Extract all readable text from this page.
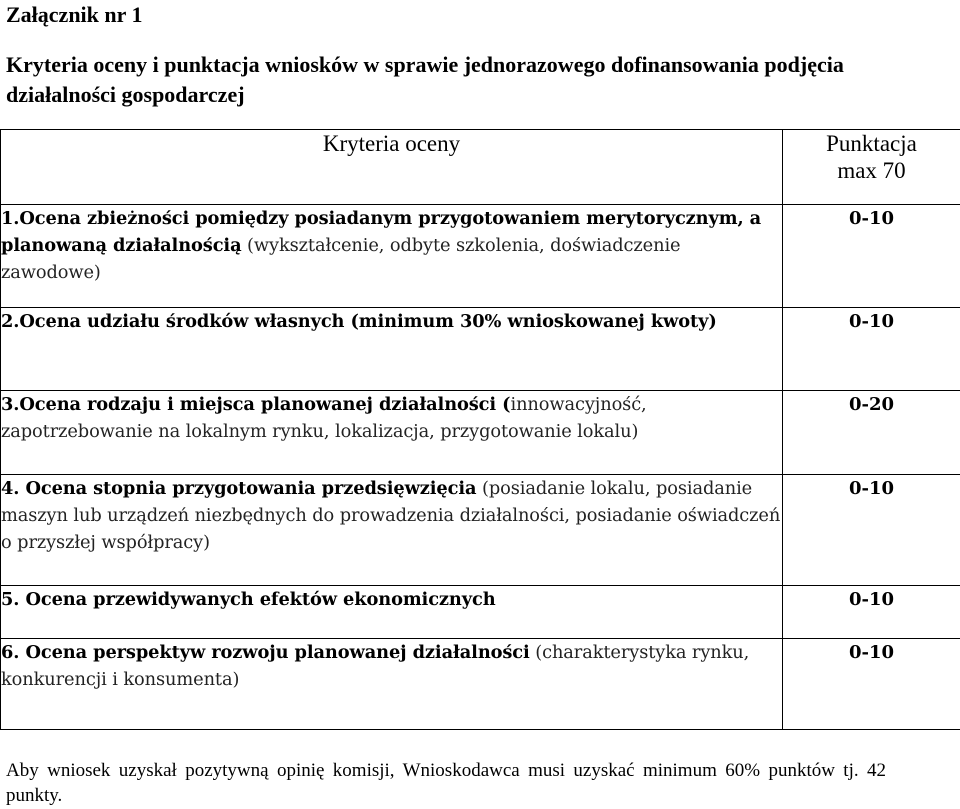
Załącznik nr 1
Kryteria oceny i punktacja wniosków w sprawie jednorazowego dofinansowania podjęcia działalności gospodarczej
Kryteria oceny	Punktacja
max 70

1.Ocena zbieżności pomiędzy posiadanym przygotowaniem merytorycznym, a planowaną działalnością (wykształcenie, odbyte szkolenia, doświadczenie zawodowe)	0-10
2.Ocena udziału środków własnych (minimum 30% wnioskowanej kwoty)	0-10
3.Ocena rodzaju i miejsca planowanej działalności (innowacyjność, zapotrzebowanie na lokalnym rynku, lokalizacja, przygotowanie lokalu)	0-20
4. Ocena stopnia przygotowania przedsięwzięcia (posiadanie lokalu, posiadanie maszyn lub urządzeń niezbędnych do prowadzenia działalności, posiadanie oświadczeń o przyszłej współpracy)	0-10
5. Ocena przewidywanych efektów ekonomicznych	0-10
6. Ocena perspektyw rozwoju planowanej działalności (charakterystyka rynku, konkurencji i konsumenta)	0-10
Aby wniosek uzyskał pozytywną opinię komisji, Wnioskodawca musi uzyskać minimum 60% punktów tj. 42 punkty.
